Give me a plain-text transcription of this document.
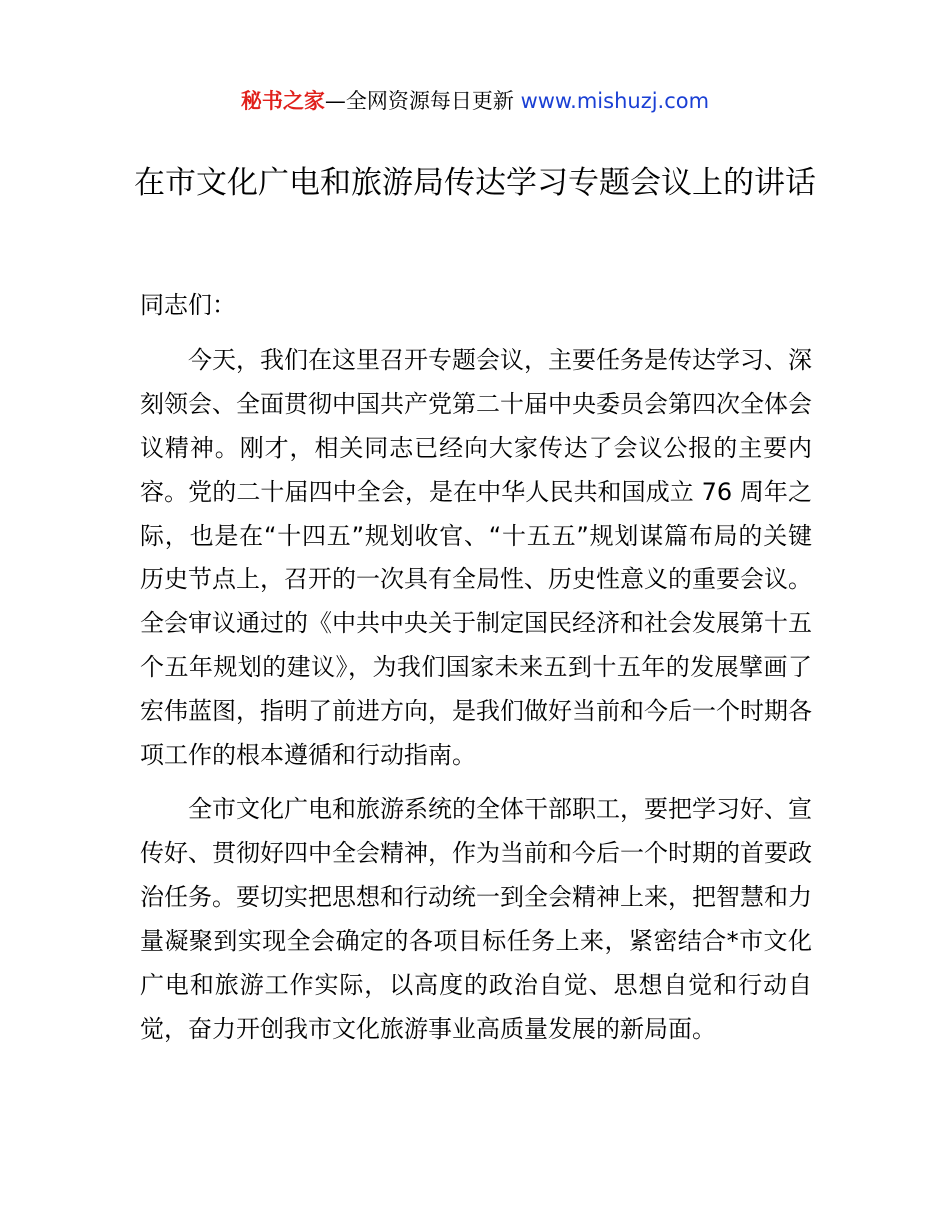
秘书之家—全网资源每日更新 www.mishuzj.com
在市文化广电和旅游局传达学习专题会议上的讲话

同志们：

今天，我们在这里召开专题会议，主要任务是传达学习、深刻领会、全面贯彻中国共产党第二十届中央委员会第四次全体会议精神。刚才，相关同志已经向大家传达了会议公报的主要内容。党的二十届四中全会，是在中华人民共和国成立 76 周年之际，也是在“十四五”规划收官、“十五五”规划谋篇布局的关键历史节点上，召开的一次具有全局性、历史性意义的重要会议。全会审议通过的《中共中央关于制定国民经济和社会发展第十五个五年规划的建议》，为我们国家未来五到十五年的发展擘画了宏伟蓝图，指明了前进方向，是我们做好当前和今后一个时期各项工作的根本遵循和行动指南。

全市文化广电和旅游系统的全体干部职工，要把学习好、宣传好、贯彻好四中全会精神，作为当前和今后一个时期的首要政治任务。要切实把思想和行动统一到全会精神上来，把智慧和力量凝聚到实现全会确定的各项目标任务上来，紧密结合*市文化广电和旅游工作实际，以高度的政治自觉、思想自觉和行动自觉，奋力开创我市文化旅游事业高质量发展的新局面。
